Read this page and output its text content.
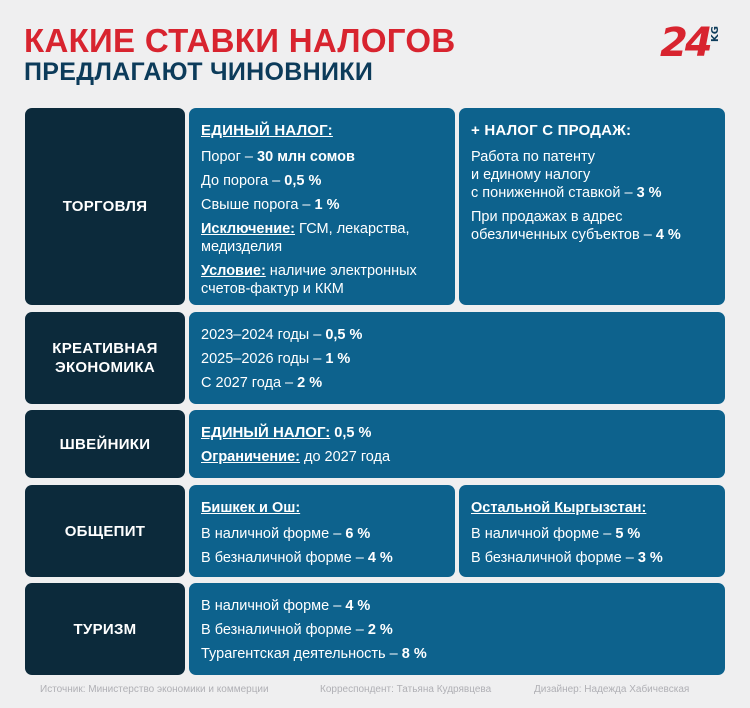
КАКИЕ СТАВКИ НАЛОГОВ
ПРЕДЛАГАЮТ ЧИНОВНИКИ
24 KG
ТОРГОВЛЯ
ЕДИНЫЙ НАЛОГ:
Порог – 30 млн сомов
До порога – 0,5 %
Свыше порога – 1 %
Исключение: ГСМ, лекарства,
медизделия
Условие: наличие электронных
счетов-фактур и ККМ
+ НАЛОГ С ПРОДАЖ:
Работа по патенту
и единому налогу
с пониженной ставкой – 3 %
При продажах в адрес
обезличенных субъектов – 4 %
КРЕАТИВНАЯ
ЭКОНОМИКА
2023–2024 годы – 0,5 %
2025–2026 годы – 1 %
С 2027 года – 2 %
ШВЕЙНИКИ
ЕДИНЫЙ НАЛОГ: 0,5 %
Ограничение: до 2027 года
ОБЩЕПИТ
Бишкек и Ош:
В наличной форме – 6 %
В безналичной форме – 4 %
Остальной Кыргызстан:
В наличной форме – 5 %
В безналичной форме – 3 %
ТУРИЗМ
В наличной форме – 4 %
В безналичной форме – 2 %
Турагентская деятельность – 8 %
Источник: Министерство экономики и коммерции	Корреспондент: Татьяна Кудрявцева	Дизайнер: Надежда Хабичевская
